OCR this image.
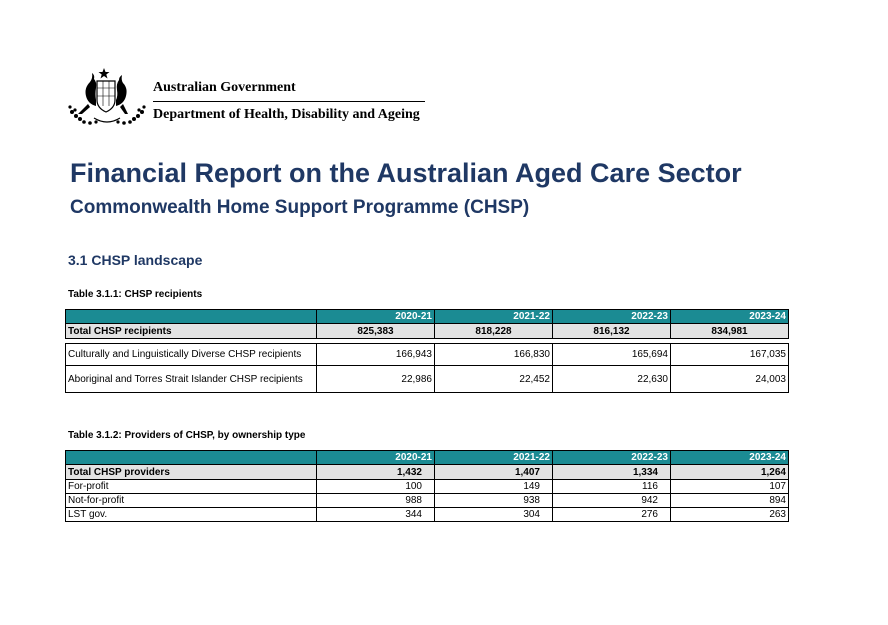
Australian Government
Department of Health, Disability and Ageing
Financial Report on the Australian Aged Care Sector
Commonwealth Home Support Programme (CHSP)
3.1 CHSP landscape
Table 3.1.1: CHSP recipients
	2020-21	2021-22	2022-23	2023-24
Total CHSP recipients	825,383	818,228	816,132	834,981

Culturally and Linguistically Diverse CHSP recipients	166,943	166,830	165,694	167,035
Aboriginal and Torres Strait Islander CHSP recipients	22,986	22,452	22,630	24,003
Table 3.1.2: Providers of CHSP, by ownership type
	2020-21	2021-22	2022-23	2023-24
Total CHSP providers	1,432	1,407	1,334	1,264
For-profit	100	149	116	107
Not-for-profit	988	938	942	894
LST gov.	344	304	276	263
